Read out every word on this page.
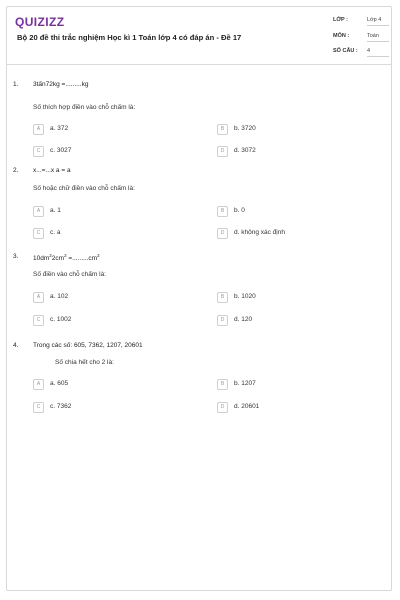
QUIZIZZ
Bộ 20 đề thi trắc nghiệm Học kì 1 Toán lớp 4 có đáp án - Đề 17
LỚP :	Lớp 4
MÔN :	Toán
SỐ CÂU : 4
1. 3tấn72kg =.........kg
Số thích hợp điền vào chỗ chấm là:
A	a. 372	B	b. 3720
C	c. 3027	D	d. 3072
2. x...=...x a = a
Số hoặc chữ điền vào chỗ chấm là:
A	a. 1	B	b. 0
C	c. a	D	d. không xác định
3. $10dm^22cm^2 =.........cm^2$
Số điền vào chỗ chấm là:
A	a. 102	B	b. 1020
C	c. 1002	D	d. 120
4. Trong các số: 605, 7362, 1207, 20601
Số chia hết cho 2 là:
A	a. 605	B	b. 1207
C	c. 7362	D	d. 20601
